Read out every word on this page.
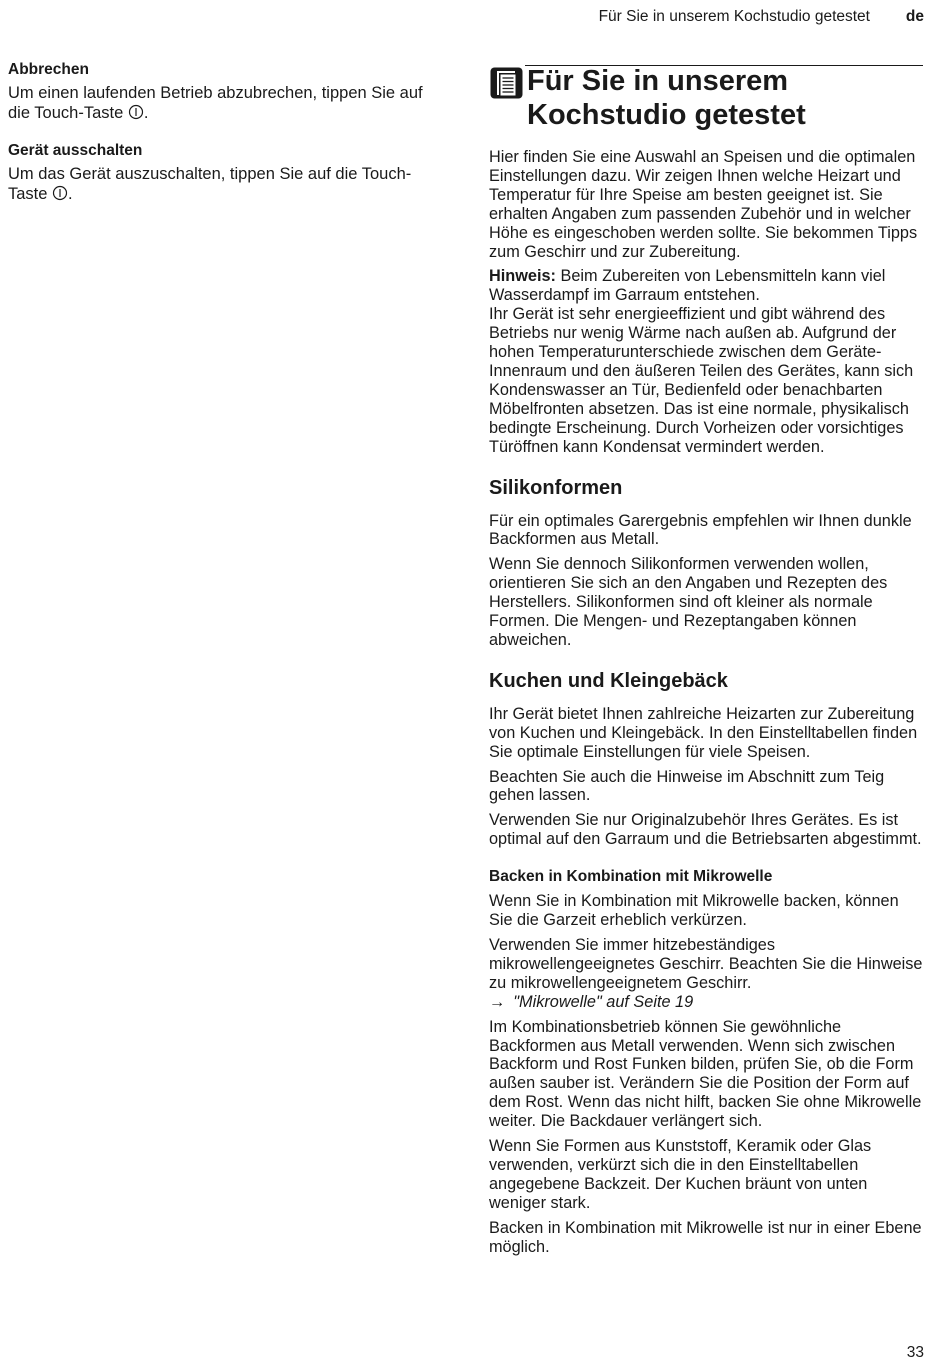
Für Sie in unserem Kochstudio getestet de
Abbrechen

Um einen laufenden Betrieb abzubrechen, tippen Sie auf die Touch-Taste .

Gerät ausschalten

Um das Gerät auszuschalten, tippen Sie auf die Touch-Taste .

Für Sie in unserem
Kochstudio getestet

Hier finden Sie eine Auswahl an Speisen und die optimalen Einstellungen dazu. Wir zeigen Ihnen welche Heizart und Temperatur für Ihre Speise am besten geeignet ist. Sie erhalten Angaben zum passenden Zubehör und in welcher Höhe es eingeschoben werden sollte. Sie bekommen Tipps zum Geschirr und zur Zubereitung.

Hinweis: Beim Zubereiten von Lebensmitteln kann viel Wasserdampf im Garraum entstehen.

Ihr Gerät ist sehr energieeffizient und gibt während des Betriebs nur wenig Wärme nach außen ab. Aufgrund der hohen Temperaturunterschiede zwischen dem Geräte-Innenraum und den äußeren Teilen des Gerätes, kann sich Kondenswasser an Tür, Bedienfeld oder benachbarten Möbelfronten absetzen. Das ist eine normale, physikalisch bedingte Erscheinung. Durch Vorheizen oder vorsichtiges Türöffnen kann Kondensat vermindert werden.

Silikonformen

Für ein optimales Garergebnis empfehlen wir Ihnen dunkle Backformen aus Metall.

Wenn Sie dennoch Silikonformen verwenden wollen, orientieren Sie sich an den Angaben und Rezepten des Herstellers. Silikonformen sind oft kleiner als normale Formen. Die Mengen- und Rezeptangaben können abweichen.

Kuchen und Kleingebäck

Ihr Gerät bietet Ihnen zahlreiche Heizarten zur Zubereitung von Kuchen und Kleingebäck. In den Einstelltabellen finden Sie optimale Einstellungen für viele Speisen.

Beachten Sie auch die Hinweise im Abschnitt zum Teig gehen lassen.

Verwenden Sie nur Originalzubehör Ihres Gerätes. Es ist optimal auf den Garraum und die Betriebsarten abgestimmt.

Backen in Kombination mit Mikrowelle

Wenn Sie in Kombination mit Mikrowelle backen, können Sie die Garzeit erheblich verkürzen.

Verwenden Sie immer hitzebeständiges mikrowellengeeignetes Geschirr. Beachten Sie die Hinweise zu mikrowellengeeignetem Geschirr.
→ "Mikrowelle" auf Seite 19

Im Kombinationsbetrieb können Sie gewöhnliche Backformen aus Metall verwenden. Wenn sich zwischen Backform und Rost Funken bilden, prüfen Sie, ob die Form außen sauber ist. Verändern Sie die Position der Form auf dem Rost. Wenn das nicht hilft, backen Sie ohne Mikrowelle weiter. Die Backdauer verlängert sich.

Wenn Sie Formen aus Kunststoff, Keramik oder Glas verwenden, verkürzt sich die in den Einstelltabellen angegebene Backzeit. Der Kuchen bräunt von unten weniger stark.

Backen in Kombination mit Mikrowelle ist nur in einer Ebene möglich.

33
